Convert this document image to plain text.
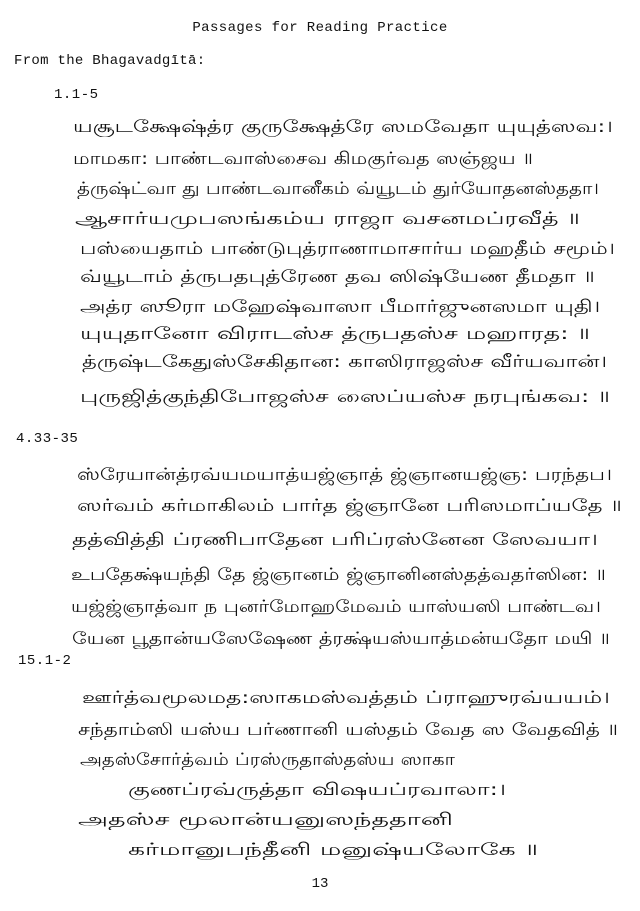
Passages for Reading Practice
From the Bhagavadgītā:
1.1-5
4.33-35
15.1-2
யசூடக்ஷேஷ்த்ர குருக்ஷேத்ரே ஸமவேதா யுயுத்ஸவ:।
மாமகா: பாண்டவாஸ்சைவ கிமகுர்வத ஸஞ்ஜய ॥
த்ருஷ்ட்வா து பாண்டவானீகம் வ்யூடம் துர்யோதனஸ்ததா।
ஆசார்யமுபஸங்கம்ய ராஜா வசனமப்ரவீத் ॥
பஸ்யைதாம் பாண்டுபுத்ராணாமாசார்ய மஹதீம் சமூம்।
வ்யூடாம் த்ருபதபுத்ரேண தவ ஸிஷ்யேண தீமதா ॥
அத்ர ஸூரா மஹேஷ்வாஸா பீமார்ஜுனஸமா யுதி।
யுயுதானோ விராடஸ்ச த்ருபதஸ்ச மஹாரத: ॥
த்ருஷ்டகேதுஸ்சேகிதான: காஸிராஜஸ்ச வீர்யவான்।
புருஜித்குந்திபோஜஸ்ச ஸைப்யஸ்ச நரபுங்கவ: ॥
ஸ்ரேயான்த்ரவ்யமயாத்யஜ்ஞாத் ஜ்ஞானயஜ்ஞ: பரந்தப।
ஸர்வம் கர்மாகிலம் பார்த ஜ்ஞானே பரிஸமாப்யதே ॥
தத்வித்தி ப்ரணிபாதேன பரிப்ரஸ்னேன ஸேவயா।
உபதேக்ஷ்யந்தி தே ஜ்ஞானம் ஜ்ஞானினஸ்தத்வதர்ஸின: ॥
யஜ்ஜ்ஞாத்வா ந புனர்மோஹமேவம் யாஸ்யஸி பாண்டவ।
யேன பூதான்யஸேஷேண த்ரக்ஷ்யஸ்யாத்மன்யதோ மயி ॥
ஊர்த்வமூலமத:ஸாகமஸ்வத்தம் ப்ராஹுரவ்யயம்।
சந்தாம்ஸி யஸ்ய பர்ணானி யஸ்தம் வேத ஸ வேதவித் ॥
அதஸ்சோர்த்வம் ப்ரஸ்ருதாஸ்தஸ்ய ஸாகா
குணப்ரவ்ருத்தா விஷயப்ரவாலா:।
அதஸ்ச மூலான்யனுஸந்ததானி
கர்மானுபந்தீனி மனுஷ்யலோகே ॥
13
